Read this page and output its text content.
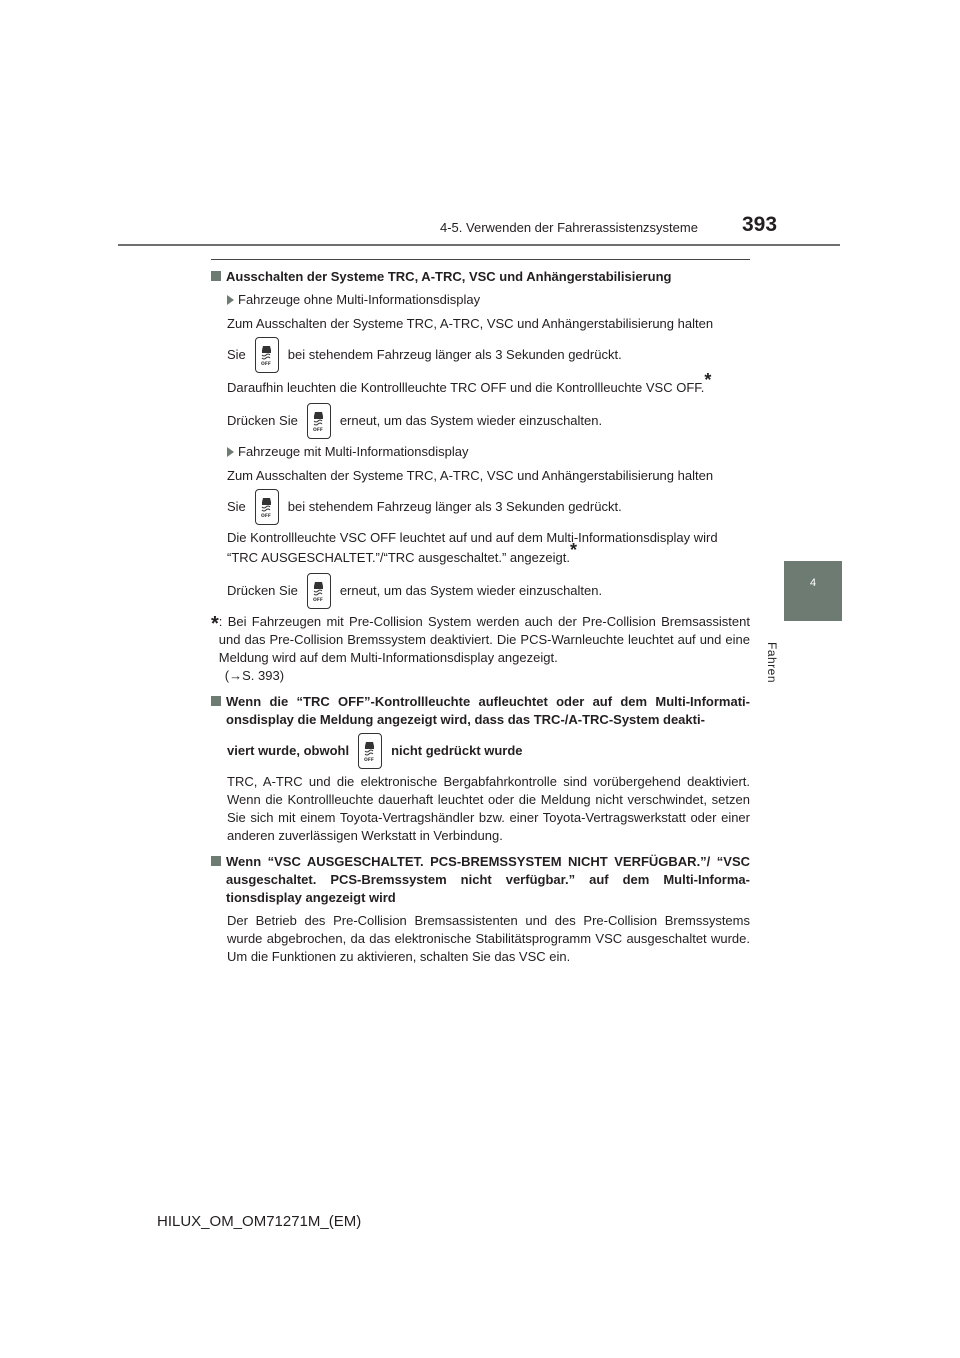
4-5. Verwenden der Fahrerassistenzsysteme 393
4
Fahren
Ausschalten der Systeme TRC, A-TRC, VSC und Anhängerstabilisierung
Fahrzeuge ohne Multi-Informationsdisplay

Zum Ausschalten der Systeme TRC, A-TRC, VSC und Anhängerstabilisierung halten

Sie
OFF
bei stehendem Fahrzeug länger als 3 Sekunden gedrückt.

Daraufhin leuchten die Kontrollleuchte TRC OFF und die Kontrollleuchte VSC OFF.*

Drücken Sie
OFF
erneut, um das System wieder einzuschalten.
Fahrzeuge mit Multi-Informationsdisplay

Zum Ausschalten der Systeme TRC, A-TRC, VSC und Anhängerstabilisierung halten

Sie
OFF
bei stehendem Fahrzeug länger als 3 Sekunden gedrückt.

Die Kontrollleuchte VSC OFF leuchtet auf und auf dem Multi-Informationsdisplay wird

“TRC AUSGESCHALTET.”/“TRC ausgeschaltet.” angezeigt.*

Drücken Sie
OFF
erneut, um das System wieder einzuschalten.
* : Bei Fahrzeugen mit Pre-Collision System werden auch der Pre-Collision Bremsassistent und das Pre-Collision Bremssystem deaktiviert. Die PCS-Warnleuchte leuchtet auf und eine Meldung wird auf dem Multi-Informationsdisplay angezeigt.

(→S. 393)

Wenn die “TRC OFF”-Kontrollleuchte aufleuchtet oder auf dem Multi-Informationsdisplay die Meldung angezeigt wird, dass das TRC-/A-TRC-System deakti-
viert wurde, obwohl
OFF
nicht gedrückt wurde

TRC, A-TRC und die elektronische Bergabfahrkontrolle sind vorübergehend deaktiviert. Wenn die Kontrollleuchte dauerhaft leuchtet oder die Meldung nicht verschwindet, setzen Sie sich mit einem Toyota-Vertragshändler bzw. einer Toyota-Vertragswerkstatt oder einer anderen zuverlässigen Werkstatt in Verbindung.

Wenn “VSC AUSGESCHALTET. PCS-BREMSSYSTEM NICHT VERFÜGBAR.”/ “VSC ausgeschaltet. PCS-Bremssystem nicht verfügbar.” auf dem Multi-Informationsdisplay angezeigt wird

Der Betrieb des Pre-Collision Bremsassistenten und des Pre-Collision Bremssystems wurde abgebrochen, da das elektronische Stabilitätsprogramm VSC ausgeschaltet wurde. Um die Funktionen zu aktivieren, schalten Sie das VSC ein.

HILUX_OM_OM71271M_(EM)
